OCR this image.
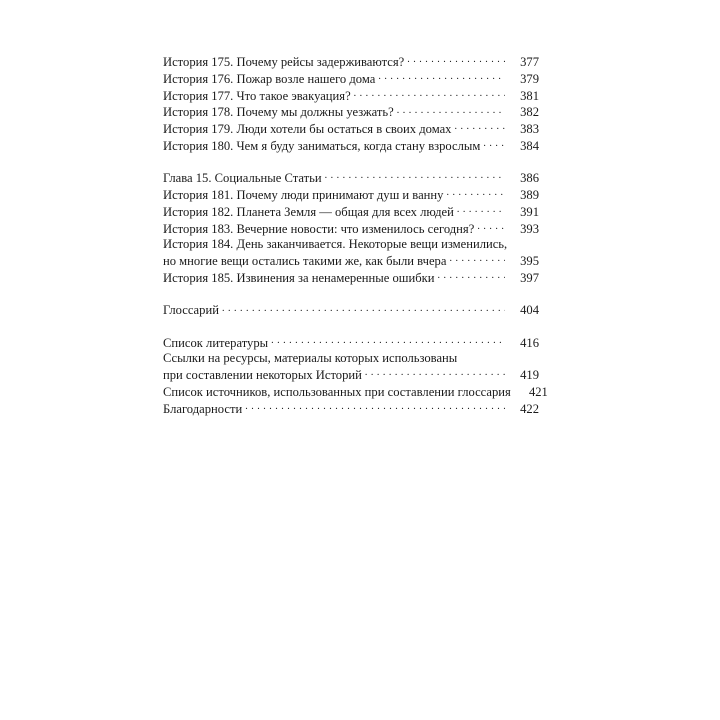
История 175. Почему рейсы задерживаются? . . .	377
История 176. Пожар возле нашего дома . . .	379
История 177. Что такое эвакуация? . . .	381
История 178. Почему мы должны уезжать? . . .	382
История 179. Люди хотели бы остаться в своих домах . . .	383
История 180. Чем я буду заниматься, когда стану взрослым . . .	384
Глава 15. Социальные Статьи . . .	386
История 181. Почему люди принимают душ и ванну . . .	389
История 182. Планета Земля — общая для всех людей . . .	391
История 183. Вечерние новости: что изменилось сегодня? . . .	393
История 184. День заканчивается. Некоторые вещи изменились,
но многие вещи остались такими же, как были вчера . . .	395
История 185. Извинения за ненамеренные ошибки . . .	397
Глоссарий . . .	404
Список литературы . . .	416
Ссылки на ресурсы, материалы которых использованы
при составлении некоторых Историй . . .	419
Список источников, использованных при составлении глоссария	421
Благодарности . . .	422
